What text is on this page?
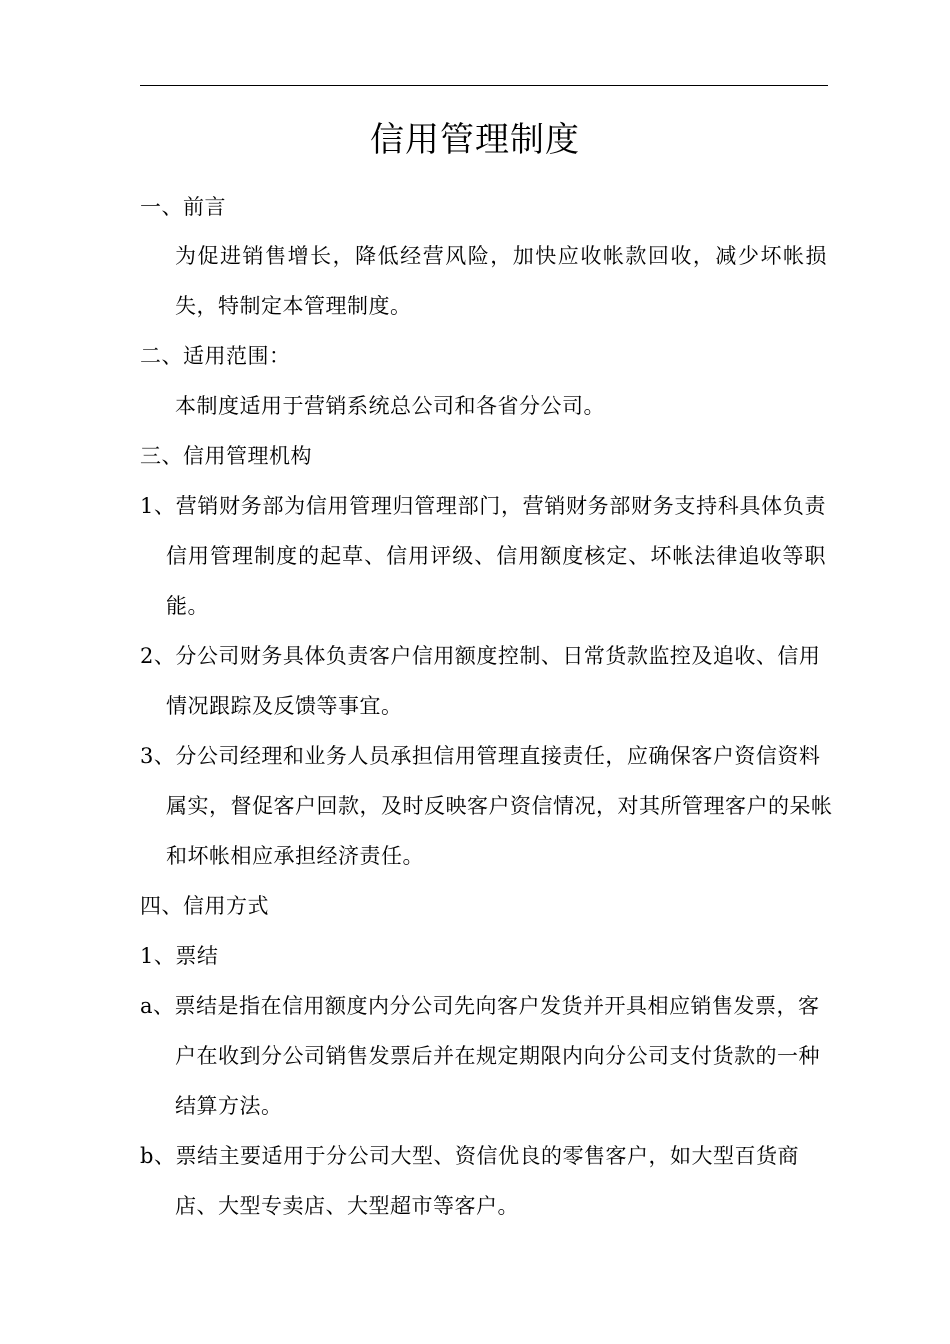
信用管理制度
一、前言
为促进销售增长，降低经营风险，加快应收帐款回收，减少坏帐损
失，特制定本管理制度。
二、适用范围：
本制度适用于营销系统总公司和各省分公司。
三、信用管理机构
1、营销财务部为信用管理归管理部门，营销财务部财务支持科具体负责
信用管理制度的起草、信用评级、信用额度核定、坏帐法律追收等职
能。
2、分公司财务具体负责客户信用额度控制、日常货款监控及追收、信用
情况跟踪及反馈等事宜。
3、分公司经理和业务人员承担信用管理直接责任，应确保客户资信资料
属实，督促客户回款，及时反映客户资信情况，对其所管理客户的呆帐
和坏帐相应承担经济责任。
四、信用方式
1、票结
a、票结是指在信用额度内分公司先向客户发货并开具相应销售发票，客
户在收到分公司销售发票后并在规定期限内向分公司支付货款的一种
结算方法。
b、票结主要适用于分公司大型、资信优良的零售客户，如大型百货商
店、大型专卖店、大型超市等客户。
